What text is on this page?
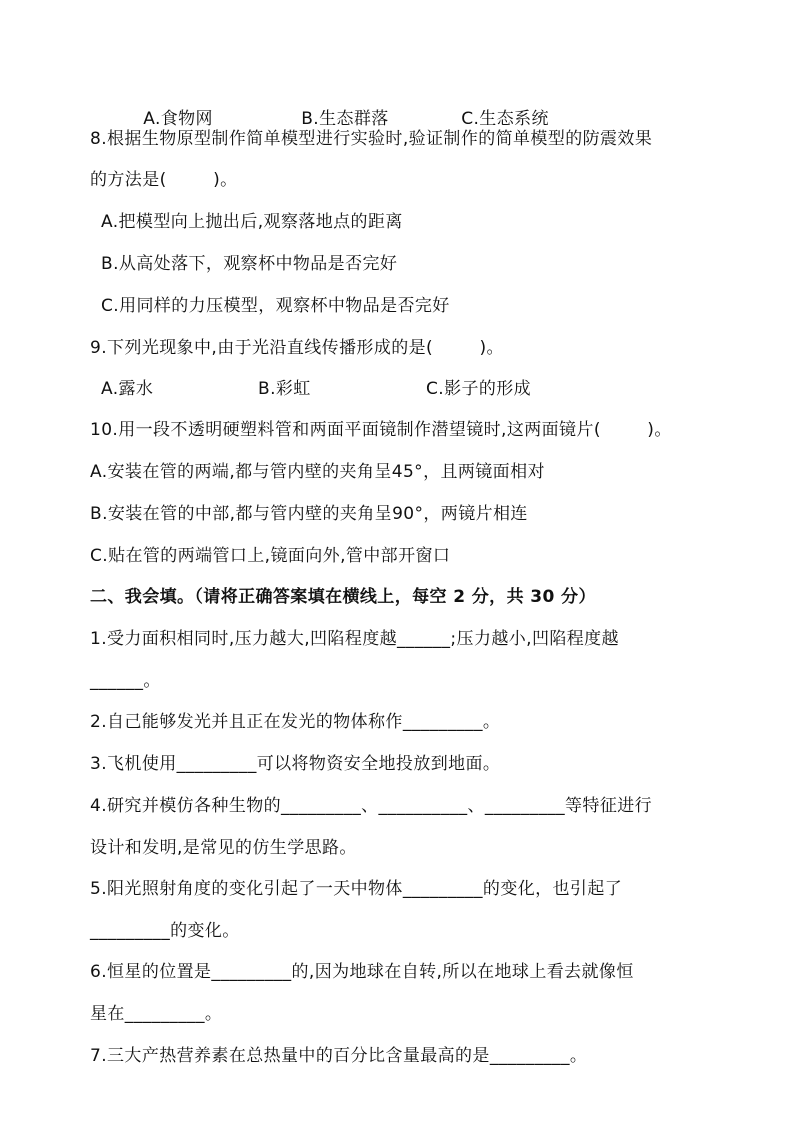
A.食物网	B.生态群落	C.生态系统

8.根据生物原型制作简单模型进行实验时,验证制作的简单模型的防震效果
的方法是(        )。
A.把模型向上抛出后,观察落地点的距离
B.从高处落下，观察杯中物品是否完好
C.用同样的力压模型，观察杯中物品是否完好
9.下列光现象中,由于光沿直线传播形成的是(        )。
A.露水	B.彩虹	C.影子的形成
10.用一段不透明硬塑料管和两面平面镜制作潜望镜时,这两面镜片(        )。
A.安装在管的两端,都与管内壁的夹角呈45°，且两镜面相对
B.安装在管的中部,都与管内壁的夹角呈90°，两镜片相连
C.贴在管的两端管口上,镜面向外,管中部开窗口
二、我会填。（请将正确答案填在横线上，每空 2 分，共 30 分）
1.受力面积相同时,压力越大,凹陷程度越______;压力越小,凹陷程度越
______。
2.自己能够发光并且正在发光的物体称作_________。
3.飞机使用_________可以将物资安全地投放到地面。
4.研究并模仿各种生物的_________、__________、_________等特征进行
设计和发明,是常见的仿生学思路。
5.阳光照射角度的变化引起了一天中物体_________的变化，也引起了
_________的变化。
6.恒星的位置是_________的,因为地球在自转,所以在地球上看去就像恒
星在_________。
7.三大产热营养素在总热量中的百分比含量最高的是_________。
